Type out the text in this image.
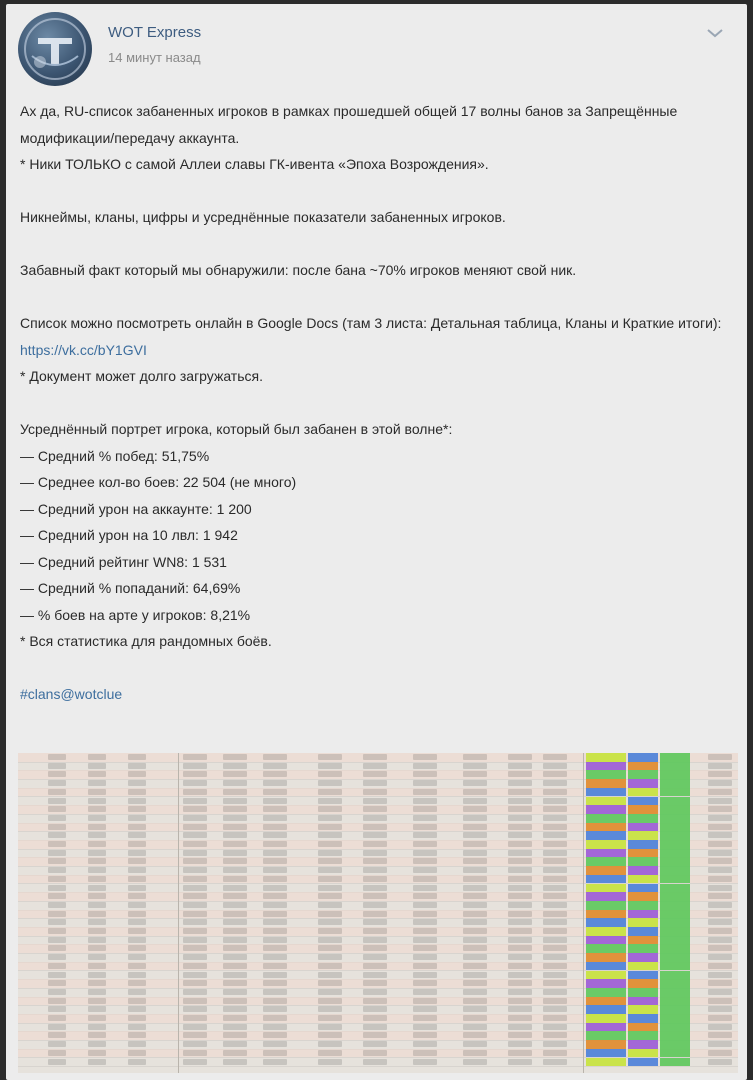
WOT Express
14 минут назад
Ах да, RU-список забаненных игроков в рамках прошедшей общей 17 волны банов за Запрещённые модификации/передачу аккаунта.
* Ники ТОЛЬКО с самой Аллеи славы ГК-ивента «Эпоха Возрождения».
Никнеймы, кланы, цифры и усреднённые показатели забаненных игроков.
Забавный факт который мы обнаружили: после бана ~70% игроков меняют свой ник.
Список можно посмотреть онлайн в Google Docs (там 3 листа: Детальная таблица, Кланы и Краткие итоги): https://vk.cc/bY1GVI
* Документ может долго загружаться.
Усреднённый портрет игрока, который был забанен в этой волне*:
— Средний % побед: 51,75%
— Среднее кол-во боев: 22 504 (не много)
— Средний урон на аккаунте: 1 200
— Средний урон на 10 лвл: 1 942
— Средний рейтинг WN8: 1 531
— Средний % попаданий: 64,69%
— % боев на арте у игроков: 8,21%
* Вся статистика для рандомных боёв.
#clans@wotclue
